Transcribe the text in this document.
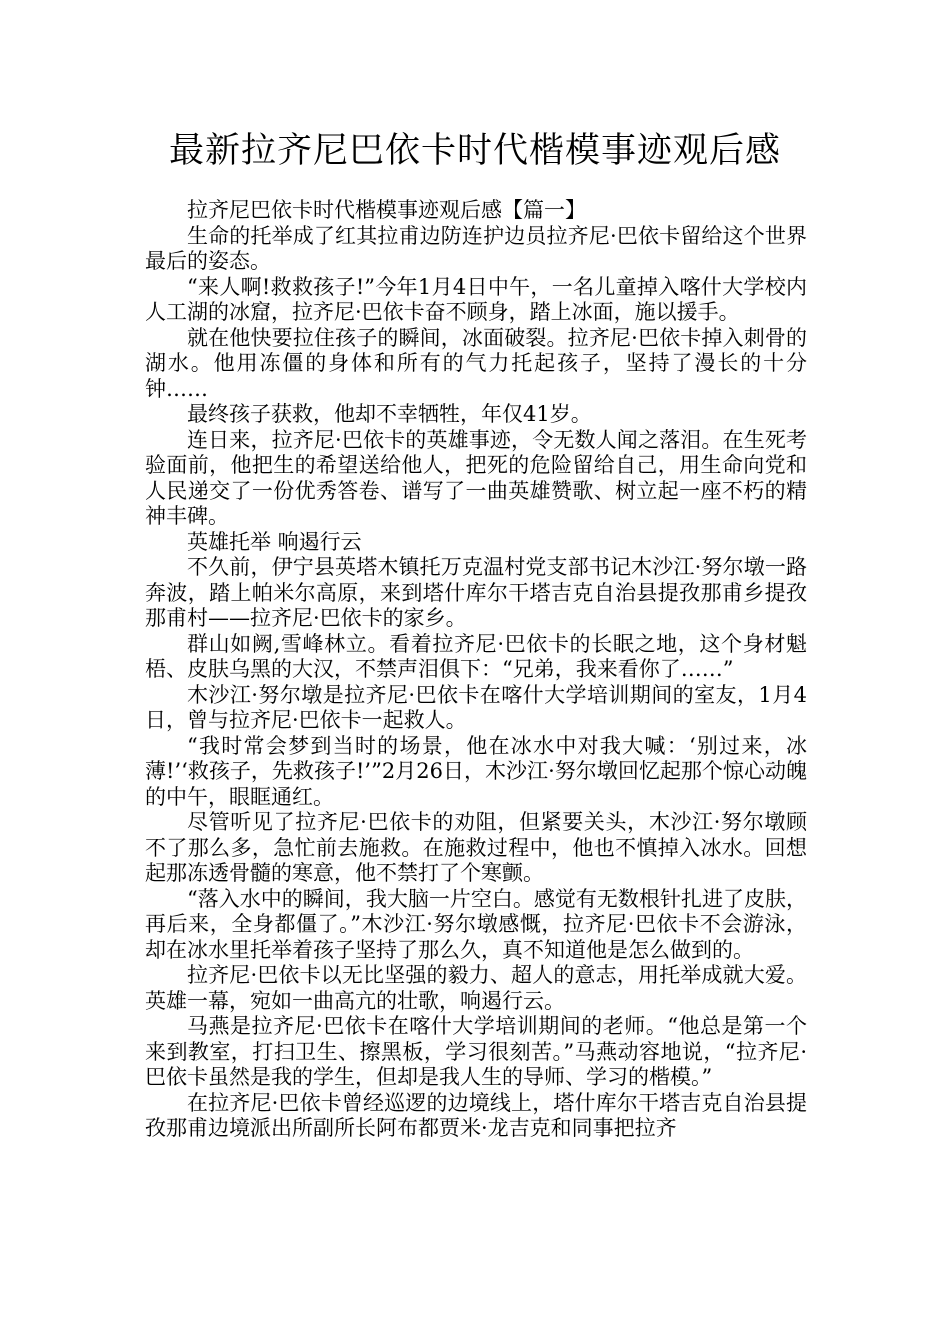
最新拉齐尼巴依卡时代楷模事迹观后感

拉齐尼巴依卡时代楷模事迹观后感【篇一】

生命的托举成了红其拉甫边防连护边员拉齐尼·巴依卡留给这个世界最后的姿态。

“来人啊!救救孩子!”今年1月4日中午，一名儿童掉入喀什大学校内人工湖的冰窟，拉齐尼·巴依卡奋不顾身，踏上冰面，施以援手。

就在他快要拉住孩子的瞬间，冰面破裂。拉齐尼·巴依卡掉入刺骨的湖水。他用冻僵的身体和所有的气力托起孩子，坚持了漫长的十分钟……

最终孩子获救，他却不幸牺牲，年仅41岁。

连日来，拉齐尼·巴依卡的英雄事迹，令无数人闻之落泪。在生死考验面前，他把生的希望送给他人，把死的危险留给自己，用生命向党和人民递交了一份优秀答卷、谱写了一曲英雄赞歌、树立起一座不朽的精神丰碑。

英雄托举 响遏行云

不久前，伊宁县英塔木镇托万克温村党支部书记木沙江·努尔墩一路奔波，踏上帕米尔高原，来到塔什库尔干塔吉克自治县提孜那甫乡提孜那甫村——拉齐尼·巴依卡的家乡。

群山如阙,雪峰林立。看着拉齐尼·巴依卡的长眠之地，这个身材魁梧、皮肤乌黑的大汉，不禁声泪俱下：“兄弟，我来看你了……”

木沙江·努尔墩是拉齐尼·巴依卡在喀什大学培训期间的室友，1月4日，曾与拉齐尼·巴依卡一起救人。

“我时常会梦到当时的场景，他在冰水中对我大喊：‘别过来，冰薄!’‘救孩子，先救孩子!’”2月26日，木沙江·努尔墩回忆起那个惊心动魄的中午，眼眶通红。

尽管听见了拉齐尼·巴依卡的劝阻，但紧要关头，木沙江·努尔墩顾不了那么多，急忙前去施救。在施救过程中，他也不慎掉入冰水。回想起那冻透骨髓的寒意，他不禁打了个寒颤。

“落入水中的瞬间，我大脑一片空白。感觉有无数根针扎进了皮肤，再后来，全身都僵了。”木沙江·努尔墩感慨，拉齐尼·巴依卡不会游泳，却在冰水里托举着孩子坚持了那么久，真不知道他是怎么做到的。

拉齐尼·巴依卡以无比坚强的毅力、超人的意志，用托举成就大爱。英雄一幕，宛如一曲高亢的壮歌，响遏行云。

马燕是拉齐尼·巴依卡在喀什大学培训期间的老师。“他总是第一个来到教室，打扫卫生、擦黑板，学习很刻苦。”马燕动容地说，“拉齐尼·巴依卡虽然是我的学生，但却是我人生的导师、学习的楷模。”

在拉齐尼·巴依卡曾经巡逻的边境线上，塔什库尔干塔吉克自治县提孜那甫边境派出所副所长阿布都贾米·龙吉克和同事把拉齐
